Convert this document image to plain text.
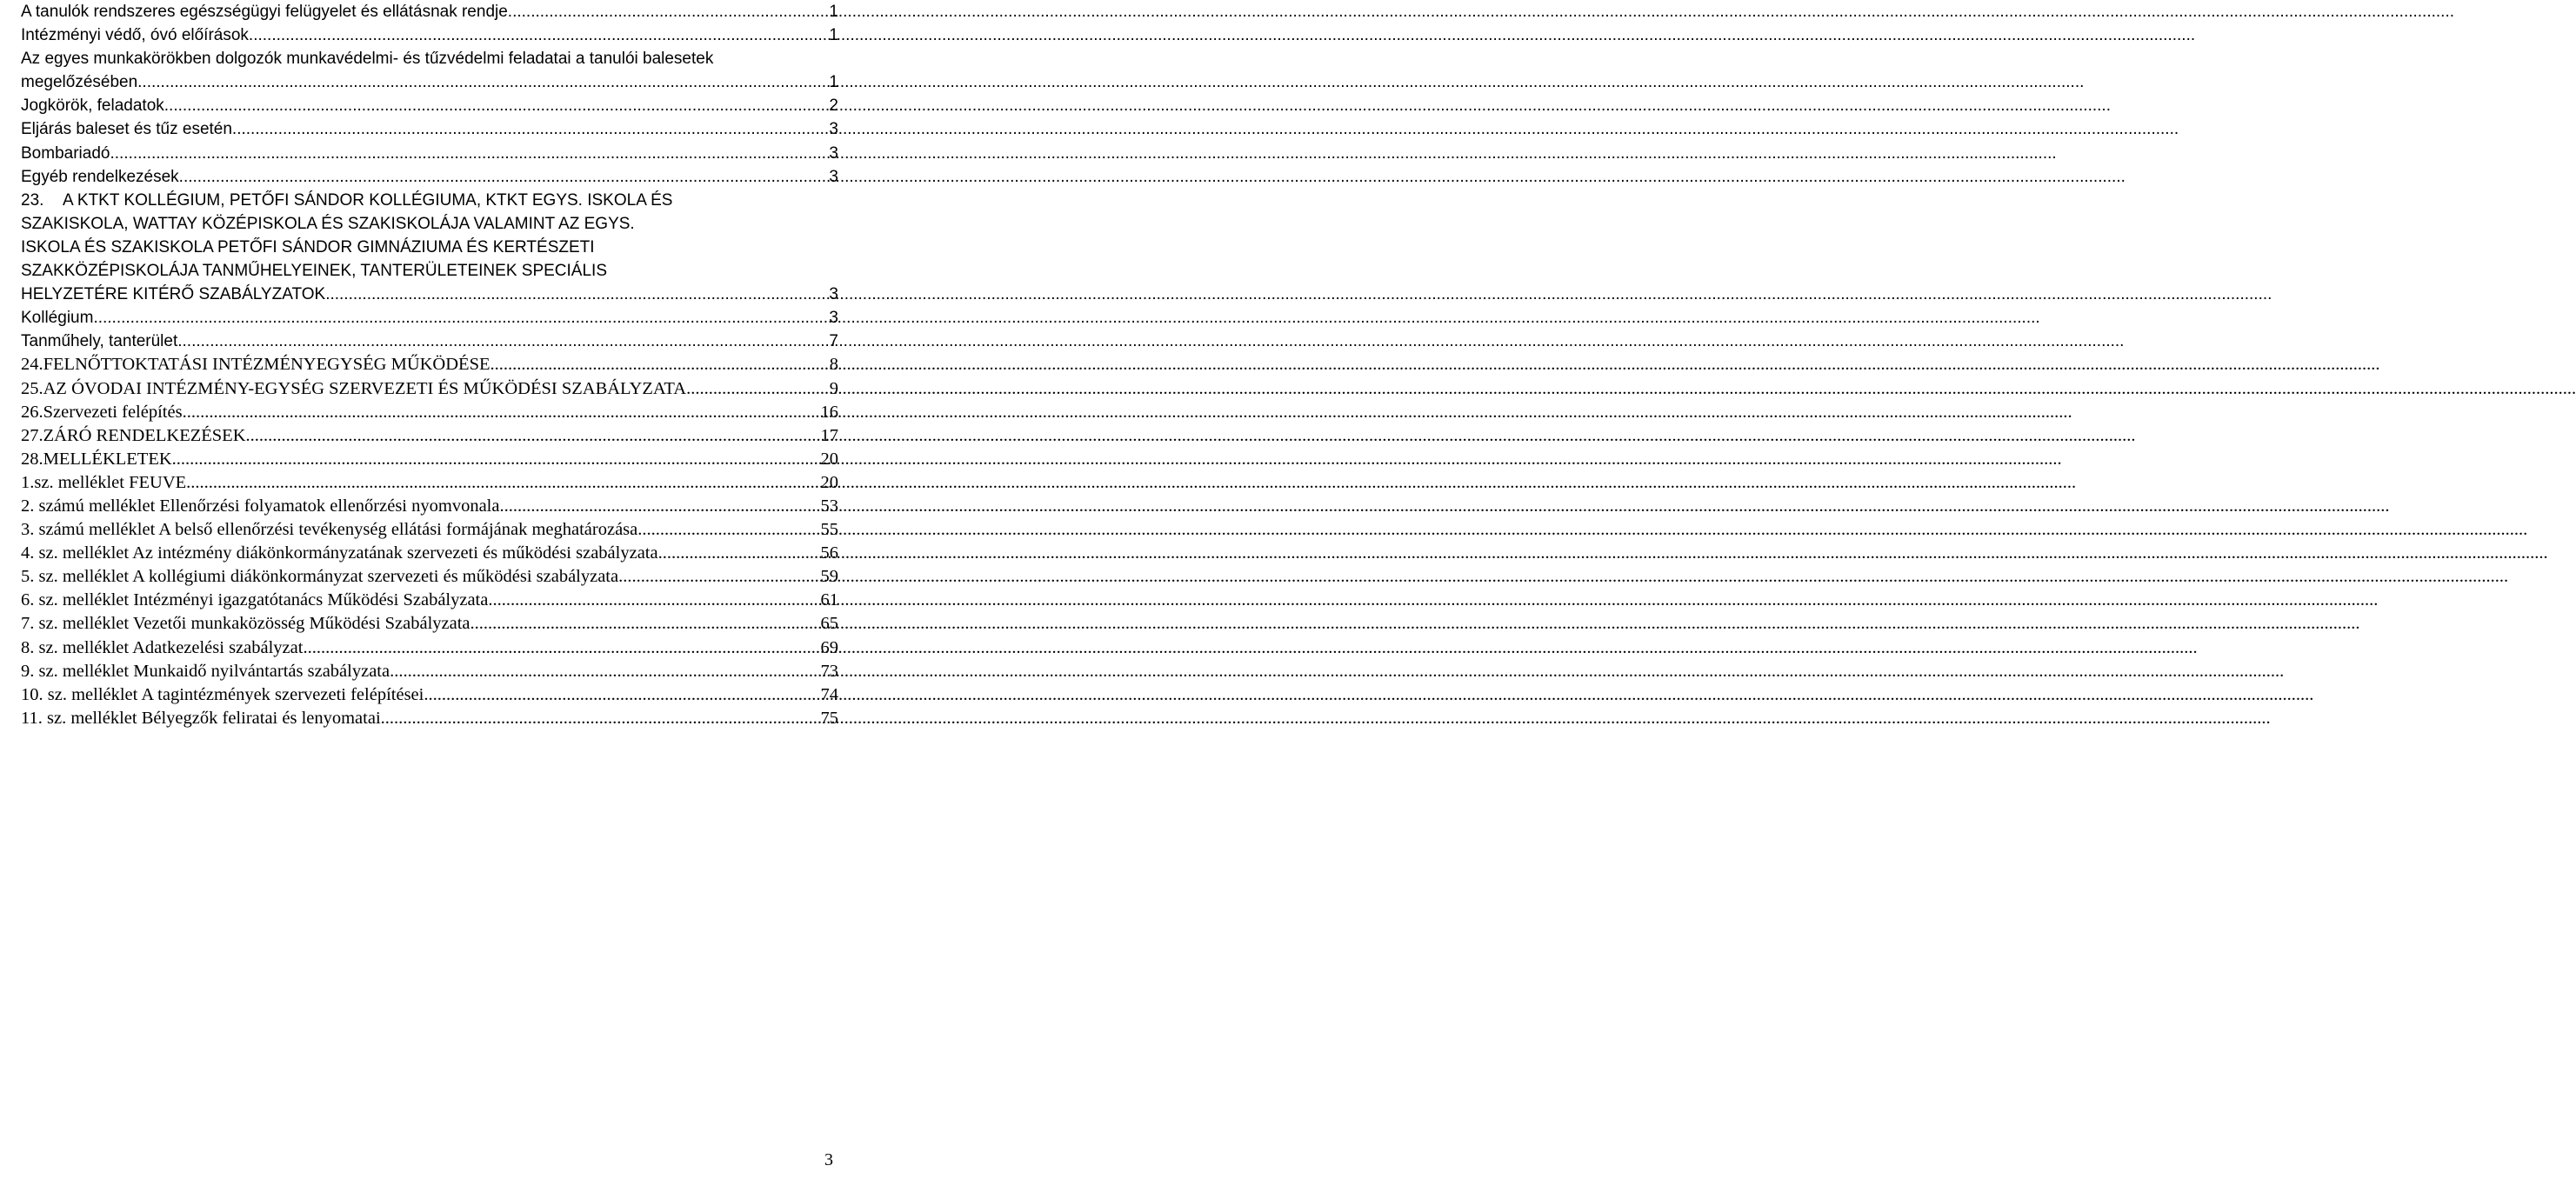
A tanulók rendszeres egészségügyi felügyelet és ellátásnak rendje .....	1
Intézményi védő, óvó előírások .....	1
Az egyes munkakörökben dolgozók munkavédelmi- és tűzvédelmi feladatai a tanulói balesetek
megelőzésében .....	1
Jogkörök, feladatok .....	2
Eljárás baleset és tűz esetén .....	3
Bombariadó .....	3
Egyéb rendelkezések .....	3
23. A KTKT KOLLÉGIUM, PETŐFI SÁNDOR KOLLÉGIUMA, KTKT EGYS. ISKOLA ÉS
SZAKISKOLA, WATTAY KÖZÉPISKOLA ÉS SZAKISKOLÁJA VALAMINT AZ EGYS.
ISKOLA ÉS SZAKISKOLA PETŐFI SÁNDOR GIMNÁZIUMA ÉS KERTÉSZETI
SZAKKÖZÉPISKOLÁJA TANMŰHELYEINEK, TANTERÜLETEINEK SPECIÁLIS
HELYZETÉRE KITÉRŐ SZABÁLYZATOK .....	3
Kollégium .....	3
Tanműhely, tanterület .....	7
24. FELNŐTTOKTATÁSI INTÉZMÉNYEGYSÉG MŰKÖDÉSE .....	8
25. AZ ÓVODAI INTÉZMÉNY-EGYSÉG SZERVEZETI ÉS MŰKÖDÉSI SZABÁLYZATA .....	9
26. Szervezeti felépítés .....	16
27. ZÁRÓ RENDELKEZÉSEK .....	17
28. MELLÉKLETEK .....	20
1.sz. melléklet FEUVE .....	20
2. számú melléklet Ellenőrzési folyamatok ellenőrzési nyomvonala .....	53
3. számú melléklet A belső ellenőrzési tevékenység ellátási formájának meghatározása .....	55
4. sz. melléklet Az intézmény diákönkormányzatának szervezeti és működési szabályzata .....	56
5. sz. melléklet A kollégiumi diákönkormányzat szervezeti és működési szabályzata .....	59
6. sz. melléklet Intézményi igazgatótanács Működési Szabályzata .....	61
7. sz. melléklet Vezetői munkaközösség Működési Szabályzata .....	65
8. sz. melléklet Adatkezelési szabályzat. .....	69
9. sz. melléklet Munkaidő nyilvántartás szabályzata. .....	73
10. sz. melléklet A tagintézmények szervezeti felépítései .....	74
11. sz. melléklet Bélyegzők feliratai és lenyomatai .....	75
3
